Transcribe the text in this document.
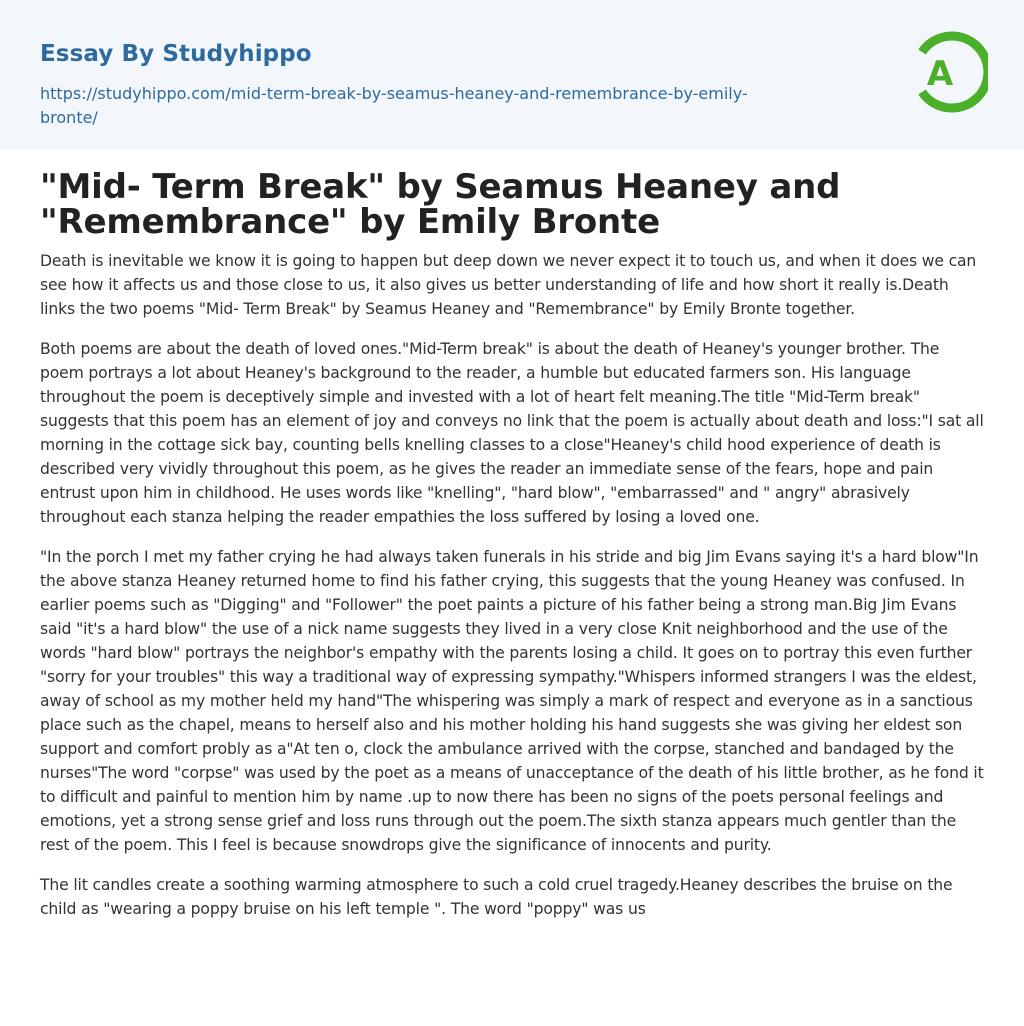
Essay By Studyhippo
https://studyhippo.com/mid-term-break-by-seamus-heaney-and-remembrance-by-emily-bronte/
A
"Mid- Term Break" by Seamus Heaney and "Remembrance" by Emily Bronte

Death is inevitable we know it is going to happen but deep down we never expect it to touch us, and when it does we can see how it affects us and those close to us, it also gives us better understanding of life and how short it really is.Death links the two poems "Mid- Term Break" by Seamus Heaney and "Remembrance" by Emily Bronte together.

Both poems are about the death of loved ones."Mid-Term break" is about the death of Heaney's younger brother. The poem portrays a lot about Heaney's background to the reader, a humble but educated farmers son. His language throughout the poem is deceptively simple and invested with a lot of heart felt meaning.The title "Mid-Term break" suggests that this poem has an element of joy and conveys no link that the poem is actually about death and loss:"I sat all morning in the cottage sick bay, counting bells knelling classes to a close"Heaney's child hood experience of death is described very vividly throughout this poem, as he gives the reader an immediate sense of the fears, hope and pain entrust upon him in childhood. He uses words like "knelling", "hard blow", "embarrassed" and " angry" abrasively throughout each stanza helping the reader empathies the loss suffered by losing a loved one.

"In the porch I met my father crying he had always taken funerals in his stride and big Jim Evans saying it's a hard blow"In the above stanza Heaney returned home to find his father crying, this suggests that the young Heaney was confused. In earlier poems such as "Digging" and "Follower" the poet paints a picture of his father being a strong man.Big Jim Evans said "it's a hard blow" the use of a nick name suggests they lived in a very close Knit neighborhood and the use of the words "hard blow" portrays the neighbor's empathy with the parents losing a child. It goes on to portray this even further "sorry for your troubles" this way a traditional way of expressing sympathy."Whispers informed strangers I was the eldest, away of school as my mother held my hand"The whispering was simply a mark of respect and everyone as in a sanctious place such as the chapel, means to herself also and his mother holding his hand suggests she was giving her eldest son support and comfort probly as a"At ten o, clock the ambulance arrived with the corpse, stanched and bandaged by the nurses"The word "corpse" was used by the poet as a means of unacceptance of the death of his little brother, as he fond it to difficult and painful to mention him by name .up to now there has been no signs of the poets personal feelings and emotions, yet a strong sense grief and loss runs through out the poem.The sixth stanza appears much gentler than the rest of the poem. This I feel is because snowdrops give the significance of innocents and purity.

The lit candles create a soothing warming atmosphere to such a cold cruel tragedy.Heaney describes the bruise on the child as "wearing a poppy bruise on his left temple ". The word "poppy" was us
